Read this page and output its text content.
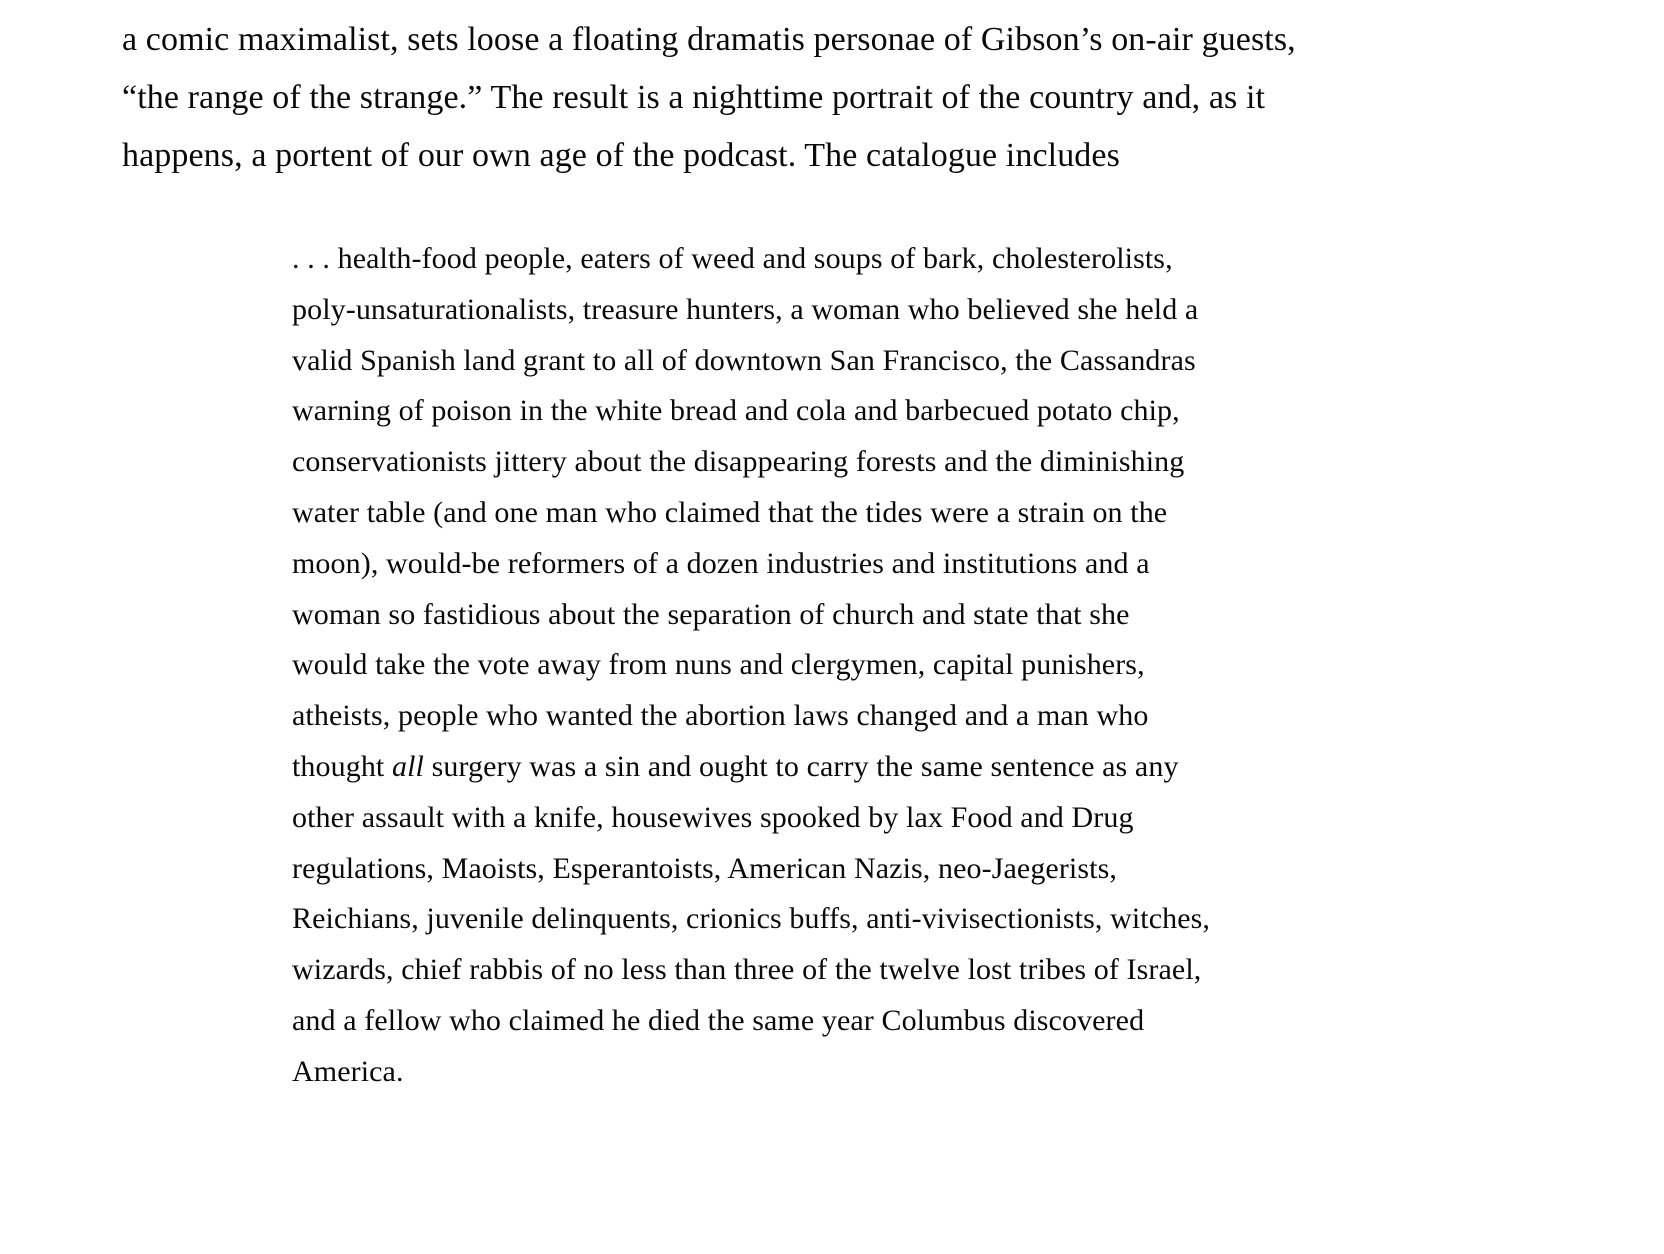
a comic maximalist, sets loose a floating dramatis personae of Gibson’s on-air guests,
“the range of the strange.” The result is a nighttime portrait of the country and, as it
happens, a portent of our own age of the podcast. The catalogue includes
. . . health-food people, eaters of weed and soups of bark, cholesterolists,
poly-unsaturationalists, treasure hunters, a woman who believed she held a
valid Spanish land grant to all of downtown San Francisco, the Cassandras
warning of poison in the white bread and cola and barbecued potato chip,
conservationists jittery about the disappearing forests and the diminishing
water table (and one man who claimed that the tides were a strain on the
moon), would-be reformers of a dozen industries and institutions and a
woman so fastidious about the separation of church and state that she
would take the vote away from nuns and clergymen, capital punishers,
atheists, people who wanted the abortion laws changed and a man who
thought all surgery was a sin and ought to carry the same sentence as any
other assault with a knife, housewives spooked by lax Food and Drug
regulations, Maoists, Esperantoists, American Nazis, neo-Jaegerists,
Reichians, juvenile delinquents, crionics buffs, anti-vivisectionists, witches,
wizards, chief rabbis of no less than three of the twelve lost tribes of Israel,
and a fellow who claimed he died the same year Columbus discovered
America.
